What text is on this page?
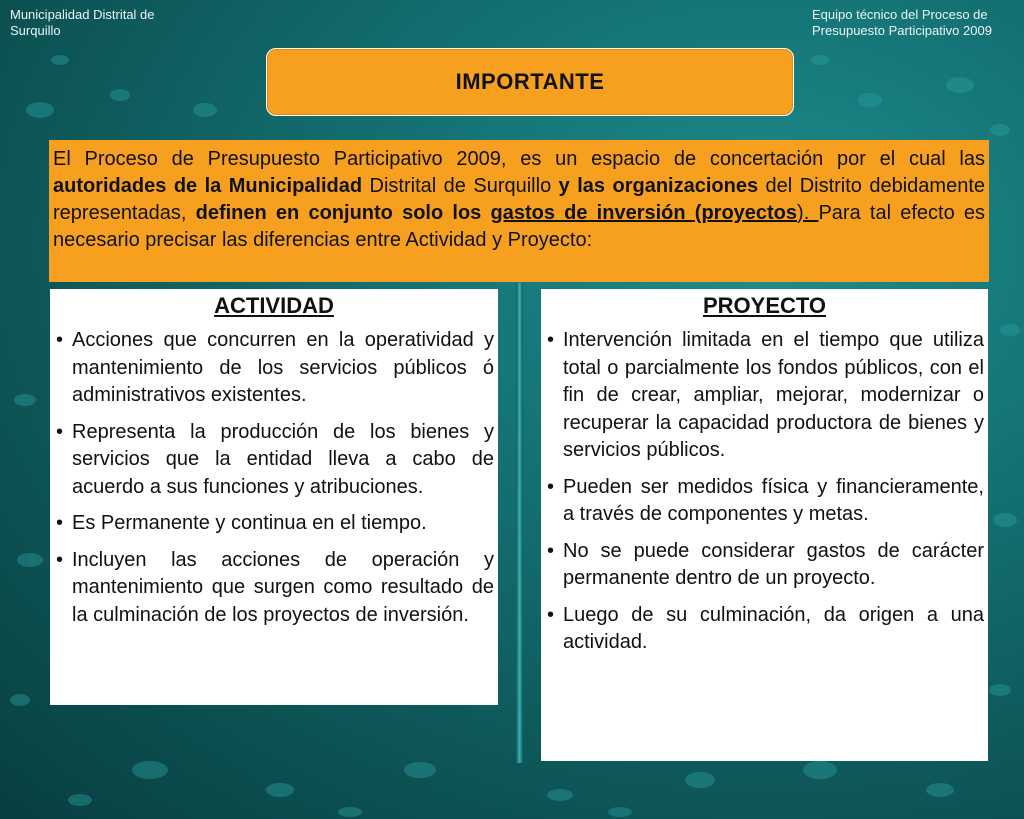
Municipalidad Distrital de
Surquillo
Equipo técnico del Proceso de
Presupuesto Participativo 2009
IMPORTANTE

El Proceso de Presupuesto Participativo 2009, es un espacio de concertación por el cual las autoridades de la Municipalidad Distrital de Surquillo y las organizaciones del Distrito debidamente representadas, definen en conjunto solo los gastos de inversión (proyectos). Para tal efecto es necesario precisar las diferencias entre Actividad y Proyecto:

ACTIVIDAD
• Acciones que concurren en la operatividad y mantenimiento de los servicios públicos ó administrativos existentes.
• Representa la producción de los bienes y servicios que la entidad lleva a cabo de acuerdo a sus funciones y atribuciones.
• Es Permanente y continua en el tiempo.
• Incluyen las acciones de operación y mantenimiento que surgen como resultado de la culminación de los proyectos de inversión.
PROYECTO
• Intervención limitada en el tiempo que utiliza total o parcialmente los fondos públicos, con el fin de crear, ampliar, mejorar, modernizar o recuperar la capacidad productora de bienes y servicios públicos.
• Pueden ser medidos física y financieramente, a través de componentes y metas.
• No se puede considerar gastos de carácter permanente dentro de un proyecto.
• Luego de su culminación, da origen a una actividad.
